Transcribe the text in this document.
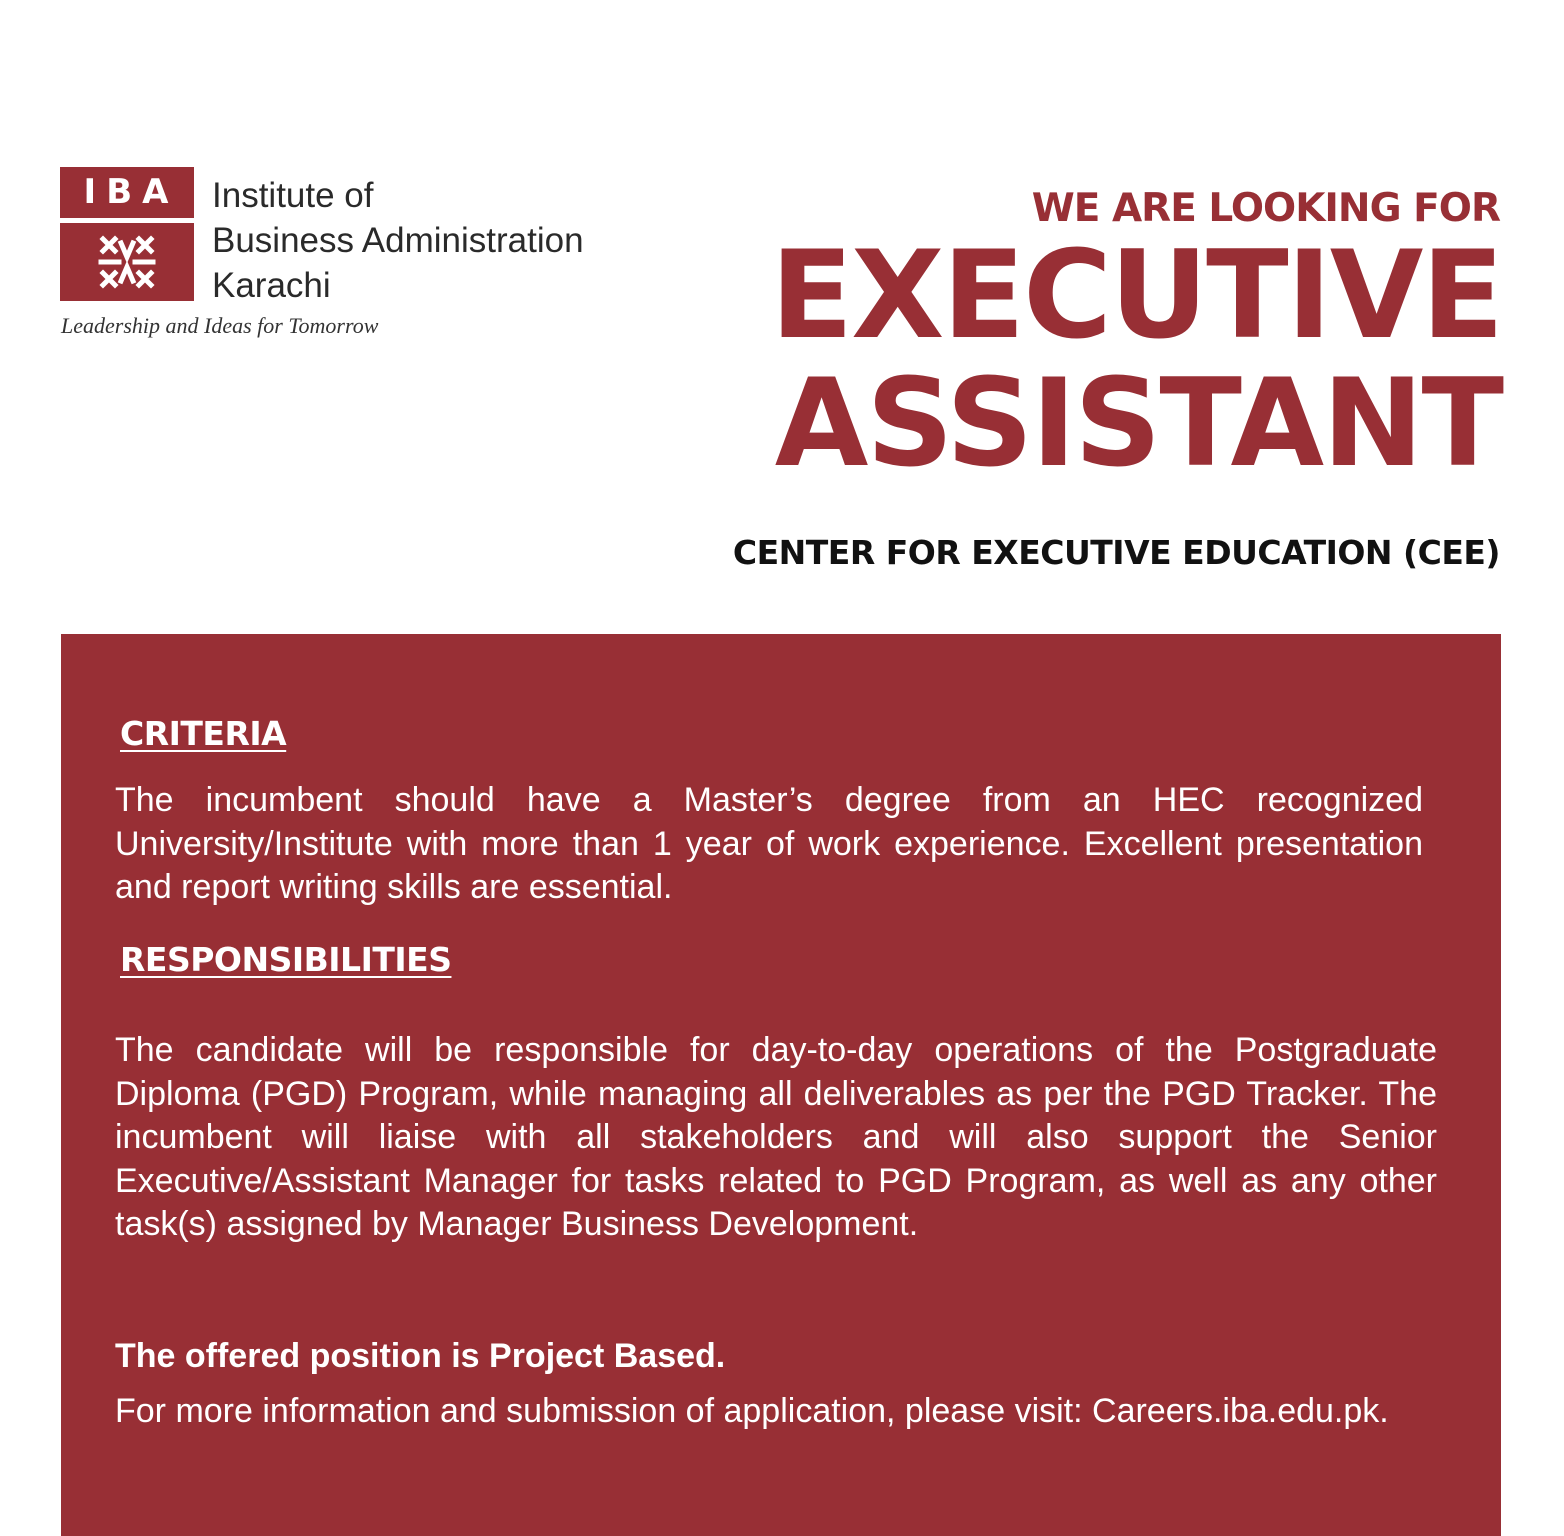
IBA Institute of
Business Administration
Karachi
Leadership and Ideas for Tomorrow
WE ARE LOOKING FOR
EXECUTIVE
ASSISTANT
CENTER FOR EXECUTIVE EDUCATION (CEE)
CRITERIA
The incumbent should have a Master’s degree from an HEC recognized University/Institute with more than 1 year of work experience. Excellent presentation and report writing skills are essential.
RESPONSIBILITIES
The candidate will be responsible for day-to-day operations of the Postgraduate Diploma (PGD) Program, while managing all deliverables as per the PGD Tracker. The incumbent will liaise with all stakeholders and will also support the Senior Executive/Assistant Manager for tasks related to PGD Program, as well as any other task(s) assigned by Manager Business Development.
The offered position is Project Based.
For more information and submission of application, please visit: Careers.iba.edu.pk.
